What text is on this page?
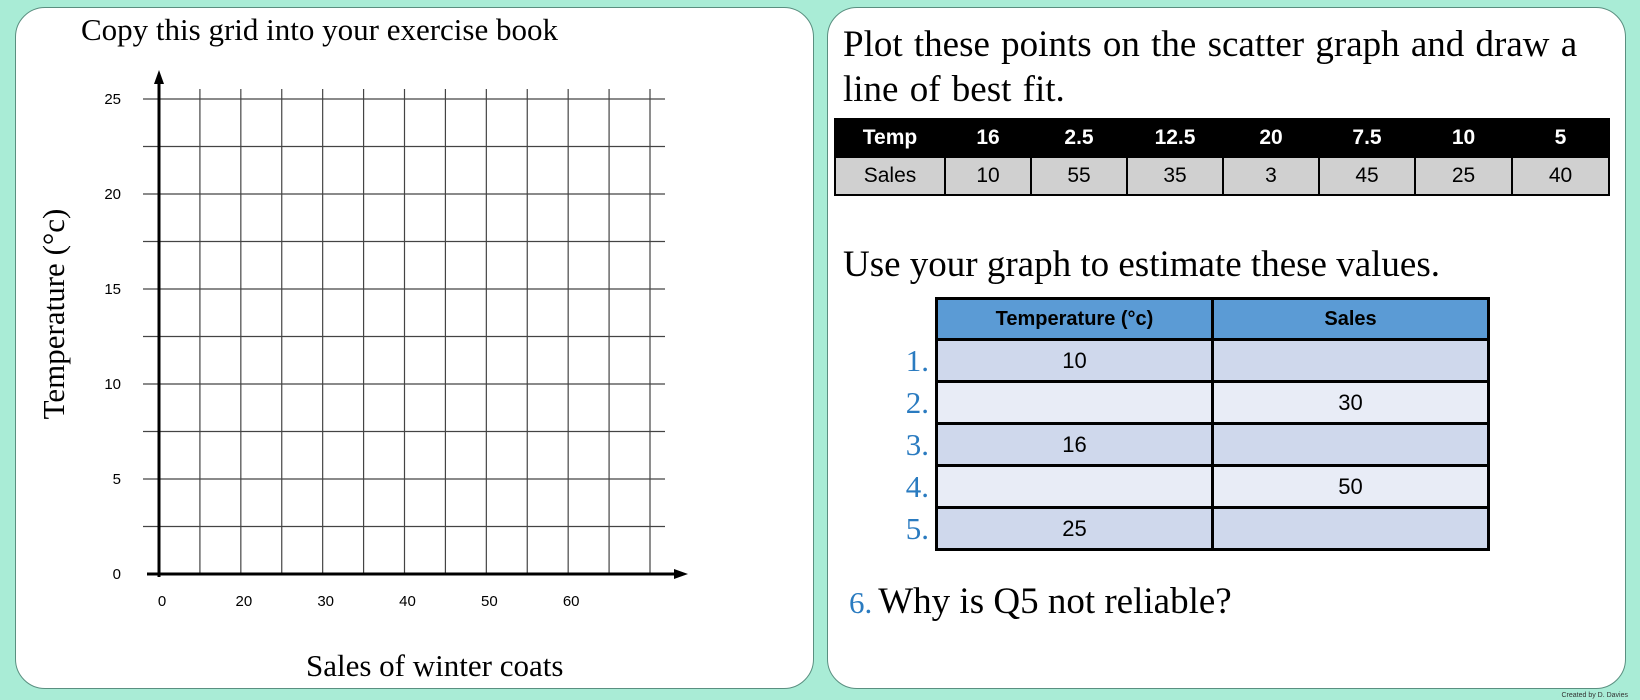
Copy this grid into your exercise book
0
5
10
15
20
25
0	20	30	40	50	60
Temperature (°c)
Sales of winter coats
Plot these points on the scatter graph and draw a line of best fit.
Temp	16	2.5	12.5	20	7.5	10	5
Sales	10	55	35	3	45	25	40
Use your graph to estimate these values.
	Temperature (°c)	Sales
1.	10	
2.		30
3.	16	
4.		50
5.	25	
6. Why is Q5 not reliable?
Created by D. Davies
